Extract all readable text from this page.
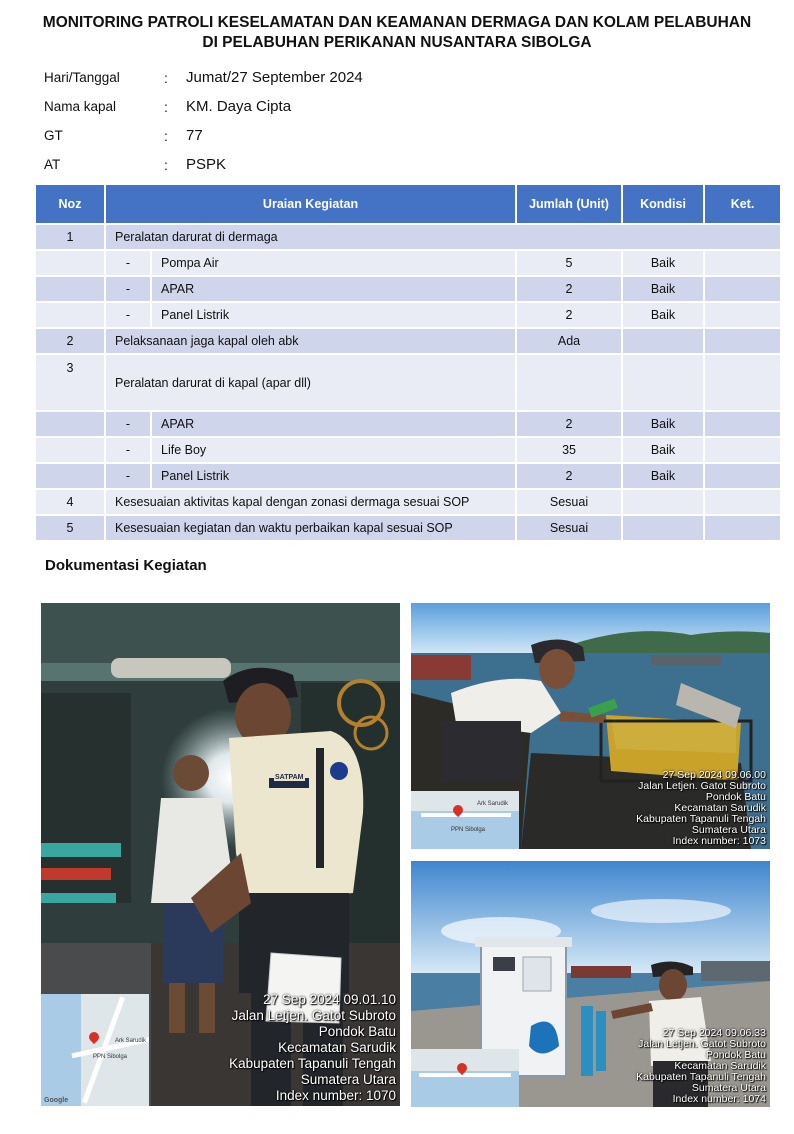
MONITORING PATROLI KESELAMATAN DAN KEAMANAN DERMAGA DAN KOLAM PELABUHAN
DI PELABUHAN PERIKANAN NUSANTARA SIBOLGA
Hari/Tanggal	: Jumat/27 September 2024
Nama kapal	: KM. Daya Cipta
GT	: 77
AT	: PSPK
Noz	Uraian Kegiatan		Jumlah (Unit)	Kondisi	Ket.
1	Peralatan darurat di dermaga				
	-	Pompa Air	5	Baik	
	-	APAR	2	Baik	
	-	Panel Listrik	2	Baik	
2	Pelaksanaan jaga kapal oleh abk		Ada		
3	Peralatan darurat di kapal (apar dll)				
	-	APAR	2	Baik	
	-	Life Boy	35	Baik	
	-	Panel Listrik	2	Baik	
4	Kesesuaian aktivitas kapal dengan zonasi dermaga sesuai SOP		Sesuai		
5	Kesesuaian kegiatan dan waktu perbaikan kapal sesuai SOP		Sesuai		
Dokumentasi Kegiatan
SATPAM
PPN Sibolga
Ark Sarudik
Google
27 Sep 2024 09.01.10
Jalan Letjen. Gatot Subroto
Pondok Batu
Kecamatan Sarudik
Kabupaten Tapanuli Tengah
Sumatera Utara
Index number: 1070
PPN Sibolga
Ark Sarudik
27 Sep 2024 09.06.00
Jalan Letjen. Gatot Subroto
Pondok Batu
Kecamatan Sarudik
Kabupaten Tapanuli Tengah
Sumatera Utara
Index number: 1073
27 Sep 2024 09.06.33
Jalan Letjen. Gatot Subroto
Pondok Batu
Kecamatan Sarudik
Kabupaten Tapanuli Tengah
Sumatera Utara
Index number: 1074
